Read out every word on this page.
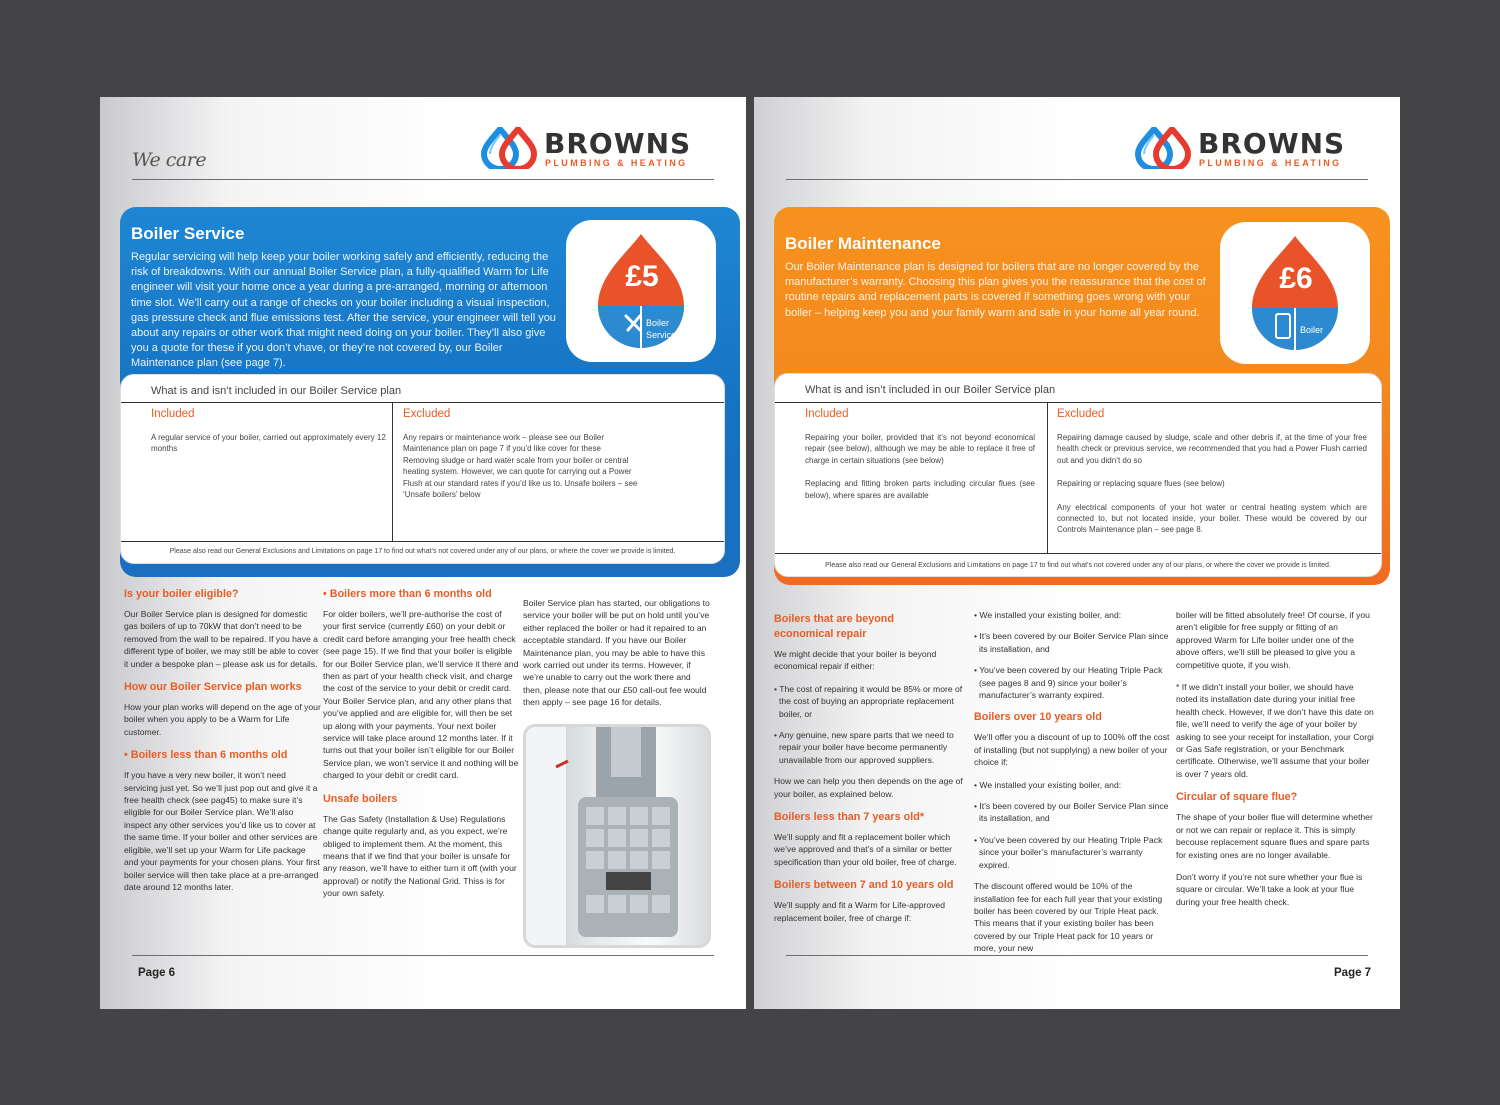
We care	BROWNS
PLUMBING & HEATING
Boiler Service
Regular servicing will help keep your boiler working safely and efficiently, reducing the risk of breakdowns. With our annual Boiler Service plan, a fully-qualified Warm for Life engineer will visit your home once a year during a pre-arranged, morning or afternoon time slot. We’ll carry out a range of checks on your boiler including a visual inspection, gas pressure check and flue emissions test. After the service, your engineer will tell you about any repairs or other work that might need doing on your boiler. They’ll also give you a quote for these if you don’t vhave, or they’re not covered by, our Boiler Maintenance plan (see page 7).
£5
Boiler
Service
What is and isn’t included in our Boiler Service plan
Included

A regular service of your boiler, carried out approximately every 12 months

Excluded

Any repairs or maintenance work – please see our Boiler Maintenance plan on page 7 if you’d like cover for these Removing sludge or hard water scale from your boiler or central heating system. However, we can quote for carrying out a Power Flush at our standard rates if you’d like us to. Unsafe boilers – see ‘Unsafe boilers’ below

Please also read our General Exclusions and Limitations on page 17 to find out what’s not covered under any of our plans, or where the cover we provide is limited.
Is your boiler eligible?

Our Boiler Service plan is designed for domestic gas boilers of up to 70kW that don’t need to be removed from the wall to be repaired. If you have a different type of boiler, we may still be able to cover it under a bespoke plan – please ask us for details.

How our Boiler Service plan works

How your plan works will depend on the age of your boiler when you apply to be a Warm for Life customer.

• Boilers less than 6 months old

If you have a very new boiler, it won’t need servicing just yet. So we’ll just pop out and give it a free health check (see pag45) to make sure it’s eligible for our Boiler Service plan. We’ll also inspect any other services you’d like us to cover at the same time. If your boiler and other services are eligible, we’ll set up your Warm for Life package and your payments for your chosen plans. Your first boiler service will then take place at a pre-arranged date around 12 months later.

• Boilers more than 6 months old

For older boilers, we’ll pre-authorise the cost of your first service (currently £60) on your debit or credit card before arranging your free health check (see page 15). If we find that your boiler is eligible for our Boiler Service plan, we’ll service it there and then as part of your health check visit, and charge the cost of the service to your debit or credit card. Your Boiler Service plan, and any other plans that you’ve applied and are eligible for, will then be set up along with your payments. Your next boiler service will take place around 12 months later. If it turns out that your boiler isn’t eligible for our Boiler Service plan, we won’t service it and nothing will be charged to your debit or credit card.

Unsafe boilers

The Gas Safety (Installation & Use) Regulations change quite regularly and, as you expect, we’re obliged to implement them. At the moment, this means that if we find that your boiler is unsafe for any reason, we’ll have to either turn it off (with your approval) or notify the National Grid. Thiss is for your own safety.

Boiler Service plan has started, our obligations to service your boiler will be put on hold until you’ve either replaced the boiler or had it repaired to an acceptable standard. If you have our Boiler Maintenance plan, you may be able to have this work carried out under its terms. However, if we’re unable to carry out the work there and then, please note that our £50 call-out fee would then apply – see page 16 for details.

Page 6
BROWNS
PLUMBING & HEATING
Boiler Maintenance
Our Boiler Maintenance plan is designed for boilers that are no longer covered by the manufacturer’s warranty. Choosing this plan gives you the reassurance that the cost of routine repairs and replacement parts is covered if something goes wrong with your boiler – helping keep you and your family warm and safe in your home all year round.
£6
Boiler
What is and isn’t included in our Boiler Service plan
Included

Repairing your boiler, provided that it’s not beyond economical repair (see below), although we may be able to replace it free of charge in certain situations (see below)

Replacing and fitting broken parts including circular flues (see below), where spares are available

Excluded

Repairing damage caused by sludge, scale and other debris if, at the time of your free health check or previous service, we recommended that you had a Power Flush carried out and you didn’t do so

Repairing or replacing square flues (see below)

Any electrical components of your hot water or central heating system which are connected to, but not located inside, your boiler. These would be covered by our Controls Maintenance plan – see page 8.

Please also read our General Exclusions and Limitations on page 17 to find out what’s not covered under any of our plans, or where the cover we provide is limited.
Boilers that are beyond economical repair

We might decide that your boiler is beyond economical repair if either:

• The cost of repairing it would be 85% or more of the cost of buying an appropriate replacement boiler, or

• Any genuine, new spare parts that we need to repair your boiler have become permanently unavailable from our approved suppliers.

How we can help you then depends on the age of your boiler, as explained below.

Boilers less than 7 years old*

We’ll supply and fit a replacement boiler which we’ve approved and that’s of a similar or better specification than your old boiler, free of charge.

Boilers between 7 and 10 years old

We’ll supply and fit a Warm for Life-approved replacement boiler, free of charge if:

• We installed your existing boiler, and:

• It’s been covered by our Boiler Service Plan since its installation, and

• You’ve been covered by our Heating Triple Pack (see pages 8 and 9) since your boiler’s manufacturer’s warranty expired.

Boilers over 10 years old

We’ll offer you a discount of up to 100% off the cost of installing (but not supplying) a new boiler of your choice if:

• We installed your existing boiler, and:

• It’s been covered by our Boiler Service Plan since its installation, and

• You’ve been covered by our Heating Triple Pack since your boiler’s manufacturer’s warranty expired.

The discount offered would be 10% of the installation fee for each full year that your existing boiler has been covered by our Triple Heat pack. This means that if your existing boiler has been covered by our Triple Heat pack for 10 years or more, your new

boiler will be fitted absolutely free! Of course, if you aren’t eligible for free supply or fitting of an approved Warm for Life boiler under one of the above offers, we’ll still be pleased to give you a competitive quote, if you wish.

* If we didn’t install your boiler, we should have noted its installation date during your initial free health check. However, if we don’t have this date on file, we’ll need to verify the age of your boiler by asking to see your receipt for installation, your Corgi or Gas Safe registration, or your Benchmark certificate. Otherwise, we’ll assume that your boiler is over 7 years old.

Circular of square flue?

The shape of your boiler flue will determine whether or not we can repair or replace it. This is simply becouse replacement square flues and spare parts for existing ones are no longer available.

Don’t worry if you’re not sure whether your flue is square or circular. We’ll take a look at your flue during your free health check.

Page 7
